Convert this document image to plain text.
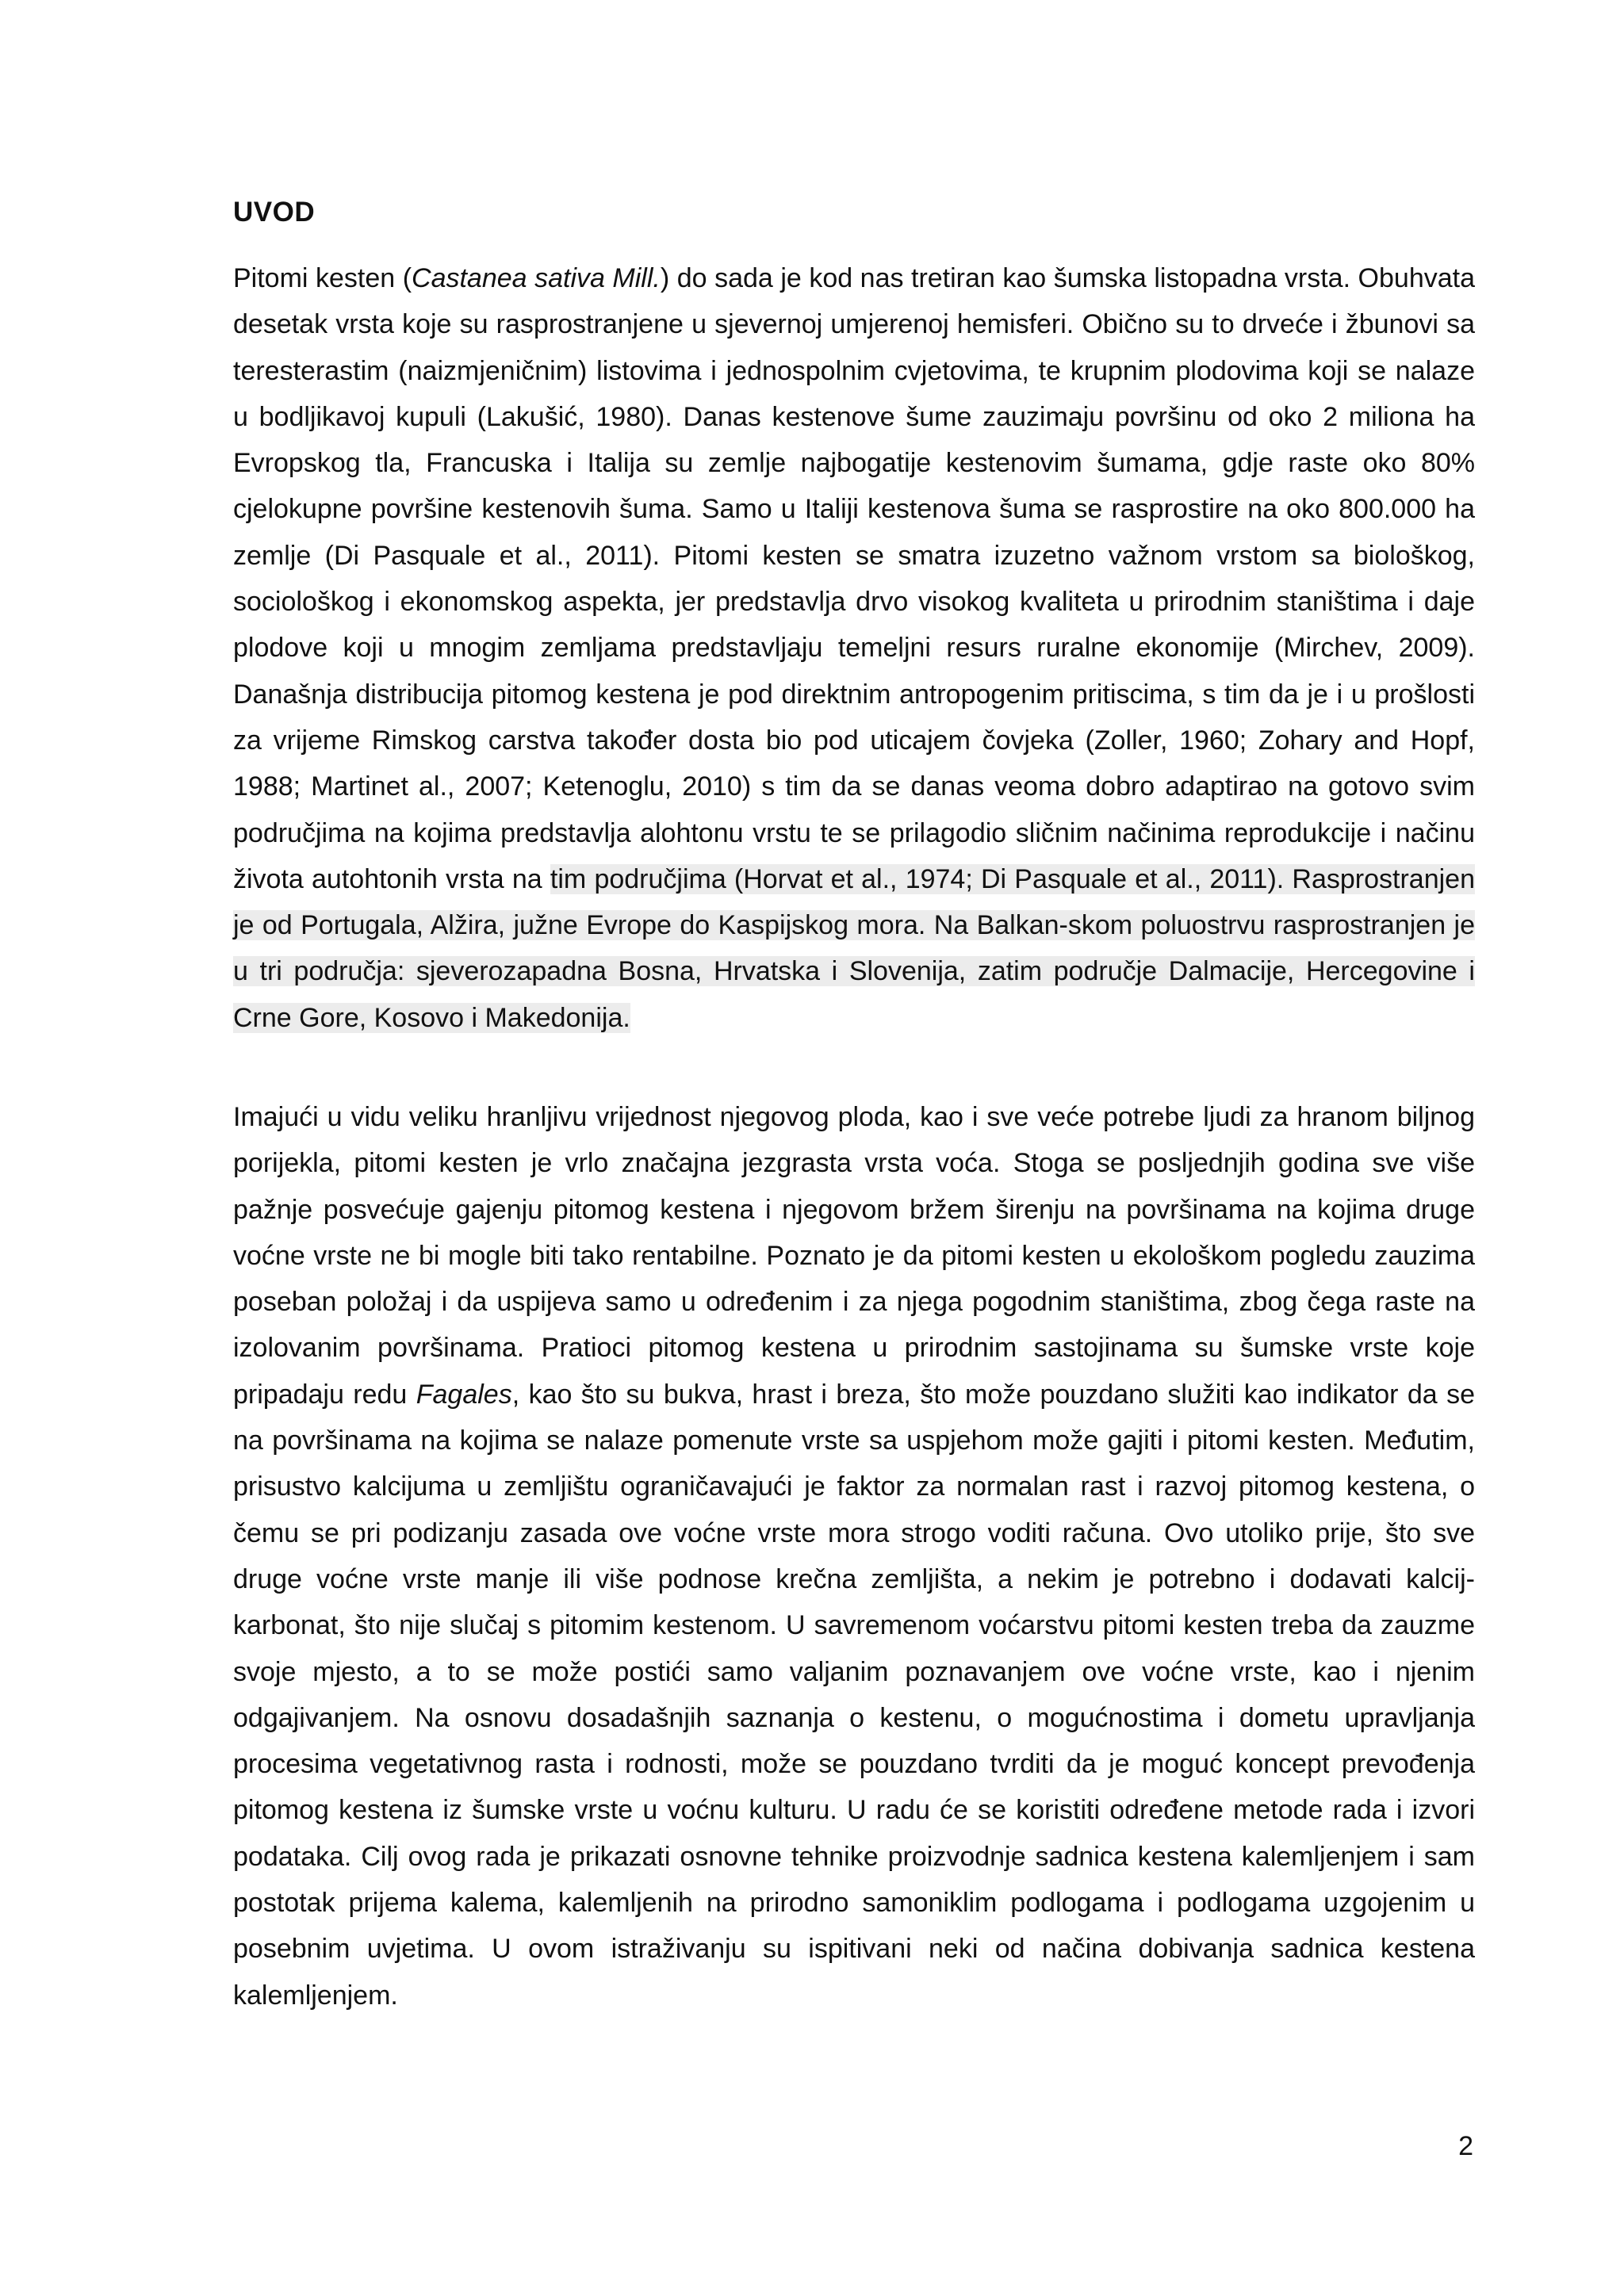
UVOD
Pitomi kesten (Castanea sativa Mill.) do sada je kod nas tretiran kao šumska listopadna vrsta. Obuhvata desetak vrsta koje su rasprostranjene u sjevernoj umjerenoj hemisferi. Obično su to drveće i žbunovi sa teresterastim (naizmjeničnim) listovima i jednospolnim cvjetovima, te krupnim plodovima koji se nalaze u bodljikavoj kupuli (Lakušić, 1980). Danas kestenove šume zauzimaju površinu od oko 2 miliona ha Evropskog tla, Francuska i Italija su zemlje najbogatije kestenovim šumama, gdje raste oko 80% cjelokupne površine kestenovih šuma. Samo u Italiji kestenova šuma se rasprostire na oko 800.000 ha zemlje (Di Pasquale et al., 2011). Pitomi kesten se smatra izuzetno važnom vrstom sa biološkog, sociološkog i ekonomskog aspekta, jer predstavlja drvo visokog kvaliteta u prirodnim staništima i daje plodove koji u mnogim zemljama predstavljaju temeljni resurs ruralne ekonomije (Mirchev, 2009). Današnja distribucija pitomog kestena je pod direktnim antropogenim pritiscima, s tim da je i u prošlosti za vrijeme Rimskog carstva također dosta bio pod uticajem čovjeka (Zoller, 1960; Zohary and Hopf, 1988; Martinet al., 2007; Ketenoglu, 2010) s tim da se danas veoma dobro adaptirao na gotovo svim područjima na kojima predstavlja alohtonu vrstu te se prilagodio sličnim načinima reprodukcije i načinu života autohtonih vrsta na tim područjima (Horvat et al., 1974; Di Pasquale et al., 2011). Rasprostranjen je od Portugala, Alžira, južne Evrope do Kaspijskog mora. Na Balkan-skom poluostrvu rasprostranjen je u tri područja: sjeverozapadna Bosna, Hrvatska i Slovenija, zatim područje Dalmacije, Hercegovine i Crne Gore, Kosovo i Makedonija.
Imajući u vidu veliku hranljivu vrijednost njegovog ploda, kao i sve veće potrebe ljudi za hranom biljnog porijekla, pitomi kesten je vrlo značajna jezgrasta vrsta voća. Stoga se posljednjih godina sve više pažnje posvećuje gajenju pitomog kestena i njegovom bržem širenju na površinama na kojima druge voćne vrste ne bi mogle biti tako rentabilne. Poznato je da pitomi kesten u ekološkom pogledu zauzima poseban položaj i da uspijeva samo u određenim i za njega pogodnim staništima, zbog čega raste na izolovanim površinama. Pratioci pitomog kestena u prirodnim sastojinama su šumske vrste koje pripadaju redu Fagales, kao što su bukva, hrast i breza, što može pouzdano služiti kao indikator da se na površinama na kojima se nalaze pomenute vrste sa uspjehom može gajiti i pitomi kesten. Međutim, prisustvo kalcijuma u zemljištu ograničavajući je faktor za normalan rast i razvoj pitomog kestena, o čemu se pri podizanju zasada ove voćne vrste mora strogo voditi računa. Ovo utoliko prije, što sve druge voćne vrste manje ili više podnose krečna zemljišta, a nekim je potrebno i dodavati kalcij-karbonat, što nije slučaj s pitomim kestenom. U savremenom voćarstvu pitomi kesten treba da zauzme svoje mjesto, a to se može postići samo valjanim poznavanjem ove voćne vrste, kao i njenim odgajivanjem. Na osnovu dosadašnjih saznanja o kestenu, o mogućnostima i dometu upravljanja procesima vegetativnog rasta i rodnosti, može se pouzdano tvrditi da je moguć koncept prevođenja pitomog kestena iz šumske vrste u voćnu kulturu. U radu će se koristiti određene metode rada i izvori podataka. Cilj ovog rada je prikazati osnovne tehnike proizvodnje sadnica kestena kalemljenjem i sam postotak prijema kalema, kalemljenih na prirodno samoniklim podlogama i podlogama uzgojenim u posebnim uvjetima. U ovom istraživanju su ispitivani neki od načina dobivanja sadnica kestena kalemljenjem.
2
